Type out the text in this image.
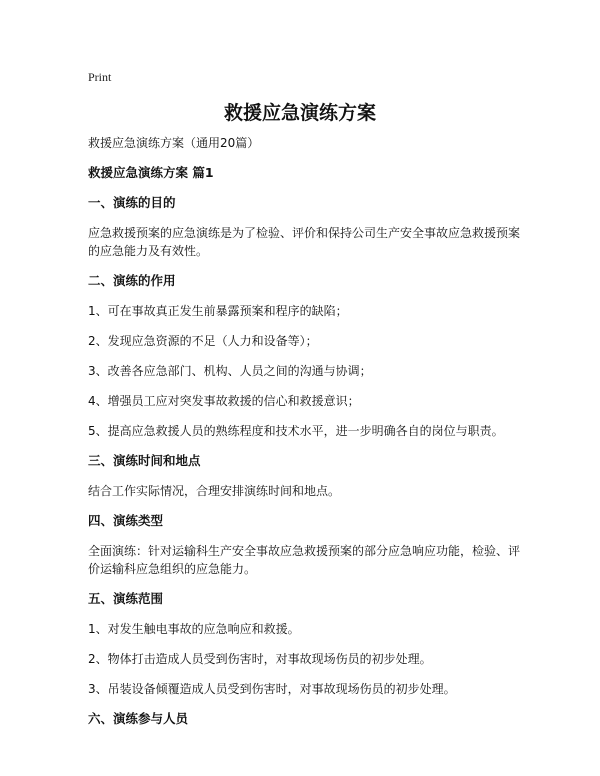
Print
救援应急演练方案

救援应急演练方案（通用20篇）

救援应急演练方案 篇1
一、演练的目的

应急救援预案的应急演练是为了检验、评价和保持公司生产安全事故应急救援预案的应急能力及有效性。

二、演练的作用

1、可在事故真正发生前暴露预案和程序的缺陷；

2、发现应急资源的不足（人力和设备等）；

3、改善各应急部门、机构、人员之间的沟通与协调；

4、增强员工应对突发事故救援的信心和救援意识；

5、提高应急救援人员的熟练程度和技术水平，进一步明确各自的岗位与职责。

三、演练时间和地点

结合工作实际情况，合理安排演练时间和地点。

四、演练类型

全面演练：针对运输科生产安全事故应急救援预案的部分应急响应功能，检验、评价运输科应急组织的应急能力。

五、演练范围

1、对发生触电事故的应急响应和救援。

2、物体打击造成人员受到伤害时，对事故现场伤员的初步处理。

3、吊装设备倾覆造成人员受到伤害时，对事故现场伤员的初步处理。

六、演练参与人员
